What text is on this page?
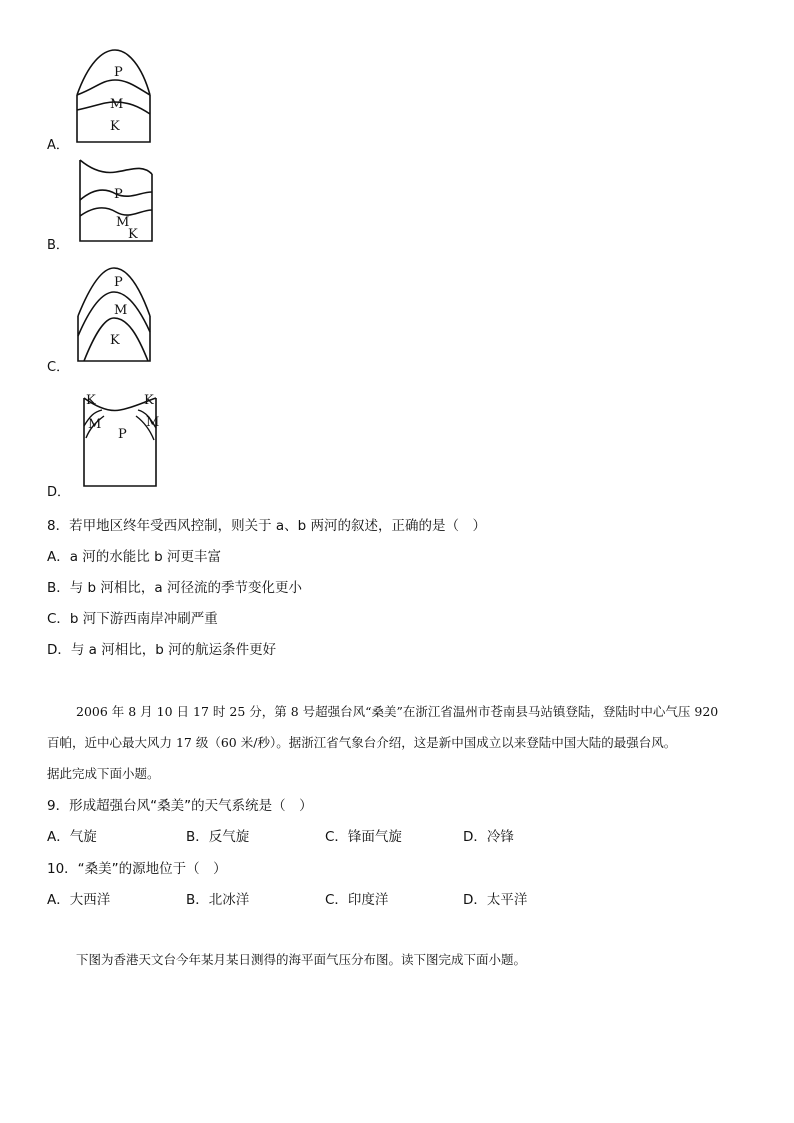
A．
P
M
K
B．
P
M
K
C．
P
M
K
D．
K	K
M	M
P
8．若甲地区终年受西风控制，则关于 a、b 两河的叙述，正确的是（　）
A．a 河的水能比 b 河更丰富
B．与 b 河相比，a 河径流的季节变化更小
C．b 河下游西南岸冲刷严重
D．与 a 河相比，b 河的航运条件更好
2006 年 8 月 10 日 17 时 25 分，第 8 号超强台风“桑美”在浙江省温州市苍南县马站镇登陆，登陆时中心气压 920
百帕，近中心最大风力 17 级（60 米/秒）。据浙江省气象台介绍，这是新中国成立以来登陆中国大陆的最强台风。
据此完成下面小题。
9．形成超强台风“桑美”的天气系统是（　）
A．气旋	B．反气旋	C．锋面气旋	D．冷锋
10．“桑美”的源地位于（　）
A．大西洋	B．北冰洋	C．印度洋	D．太平洋
下图为香港天文台今年某月某日测得的海平面气压分布图。读下图完成下面小题。
